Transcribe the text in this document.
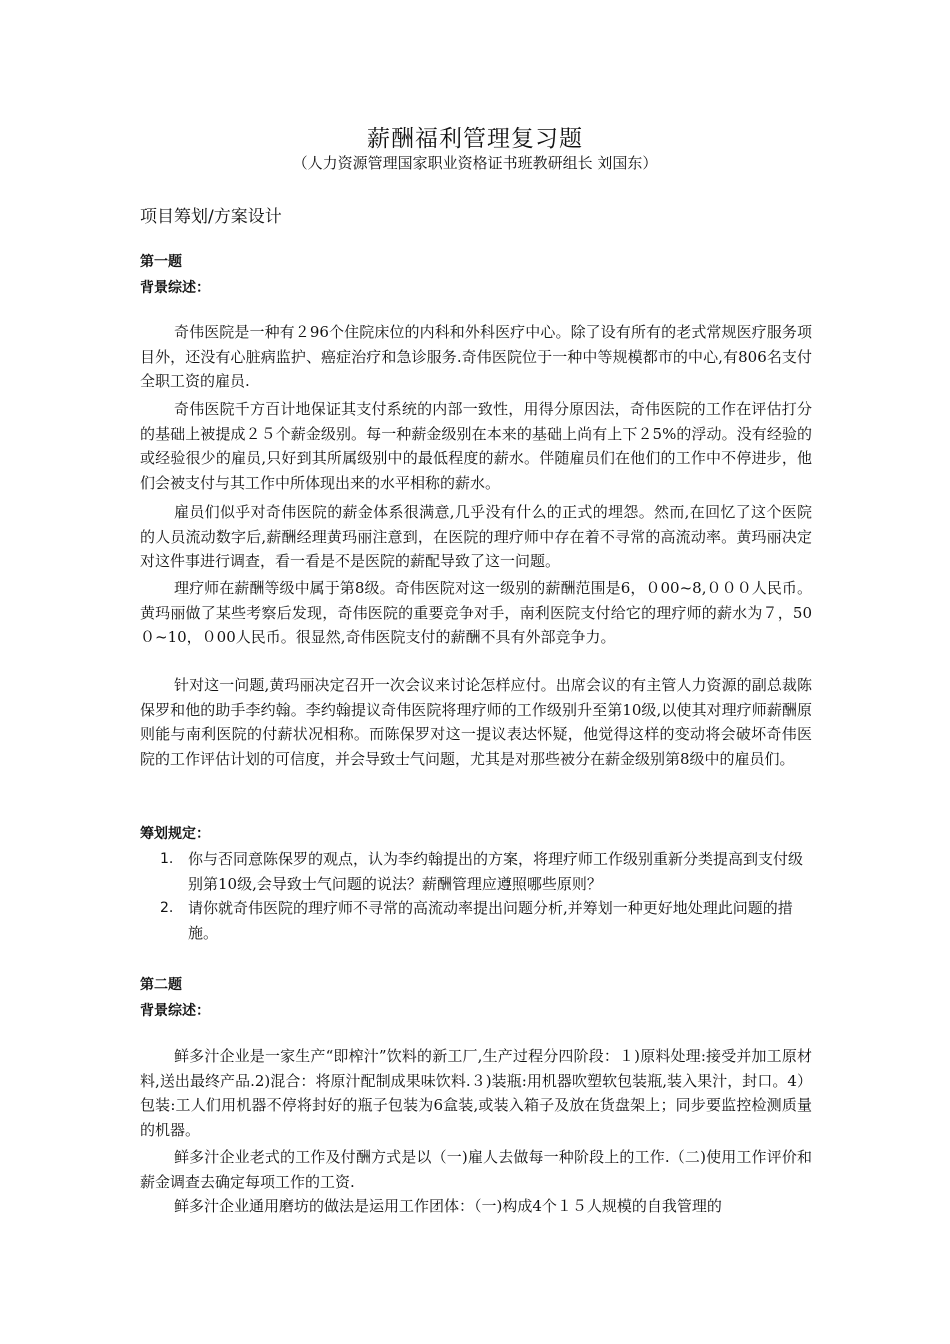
薪酬福利管理复习题
（人力资源管理国家职业资格证书班教研组长 刘国东）
项目筹划/方案设计
第一题
背景综述：

奇伟医院是一种有２96个住院床位的内科和外科医疗中心。除了设有所有的老式常规医疗服务项目外，还没有心脏病监护、癌症治疗和急诊服务.奇伟医院位于一种中等规模都市的中心,有806名支付全职工资的雇员.

奇伟医院千方百计地保证其支付系统的内部一致性，用得分原因法，奇伟医院的工作在评估打分的基础上被提成２５个薪金级别。每一种薪金级别在本来的基础上尚有上下２5%的浮动。没有经验的或经验很少的雇员,只好到其所属级别中的最低程度的薪水。伴随雇员们在他们的工作中不停进步，他们会被支付与其工作中所体现出来的水平相称的薪水。

雇员们似乎对奇伟医院的薪金体系很满意,几乎没有什么的正式的埋怨。然而,在回忆了这个医院的人员流动数字后,薪酬经理黄玛丽注意到，在医院的理疗师中存在着不寻常的高流动率。黄玛丽决定对这件事进行调查，看一看是不是医院的薪配导致了这一问题。

理疗师在薪酬等级中属于第8级。奇伟医院对这一级别的薪酬范围是6，０00~8,０００人民币。黄玛丽做了某些考察后发现，奇伟医院的重要竞争对手，南利医院支付给它的理疗师的薪水为７，50０~10，０00人民币。很显然,奇伟医院支付的薪酬不具有外部竞争力。

针对这一问题,黄玛丽决定召开一次会议来讨论怎样应付。出席会议的有主管人力资源的副总裁陈保罗和他的助手李约翰。李约翰提议奇伟医院将理疗师的工作级别升至第10级,以使其对理疗师薪酬原则能与南利医院的付薪状况相称。而陈保罗对这一提议表达怀疑，他觉得这样的变动将会破坏奇伟医院的工作评估计划的可信度，并会导致士气问题，尤其是对那些被分在薪金级别第8级中的雇员们。

筹划规定：
1. 你与否同意陈保罗的观点，认为李约翰提出的方案，将理疗师工作级别重新分类提高到支付级别第10级,会导致士气问题的说法？薪酬管理应遵照哪些原则？
2. 请你就奇伟医院的理疗师不寻常的高流动率提出问题分析,并筹划一种更好地处理此问题的措施。
第二题
背景综述：

鲜多汁企业是一家生产“即榨汁”饮料的新工厂,生产过程分四阶段：１)原料处理:接受并加工原材料,送出最终产品.2)混合：将原汁配制成果味饮料.３)装瓶:用机器吹塑软包装瓶,装入果汁，封口。4）包装:工人们用机器不停将封好的瓶子包装为6盒装,或装入箱子及放在货盘架上；同步要监控检测质量的机器。

鲜多汁企业老式的工作及付酬方式是以（一)雇人去做每一种阶段上的工作.（二)使用工作评价和薪金调查去确定每项工作的工资.

鲜多汁企业通用磨坊的做法是运用工作团体：（一)构成4个１５人规模的自我管理的
